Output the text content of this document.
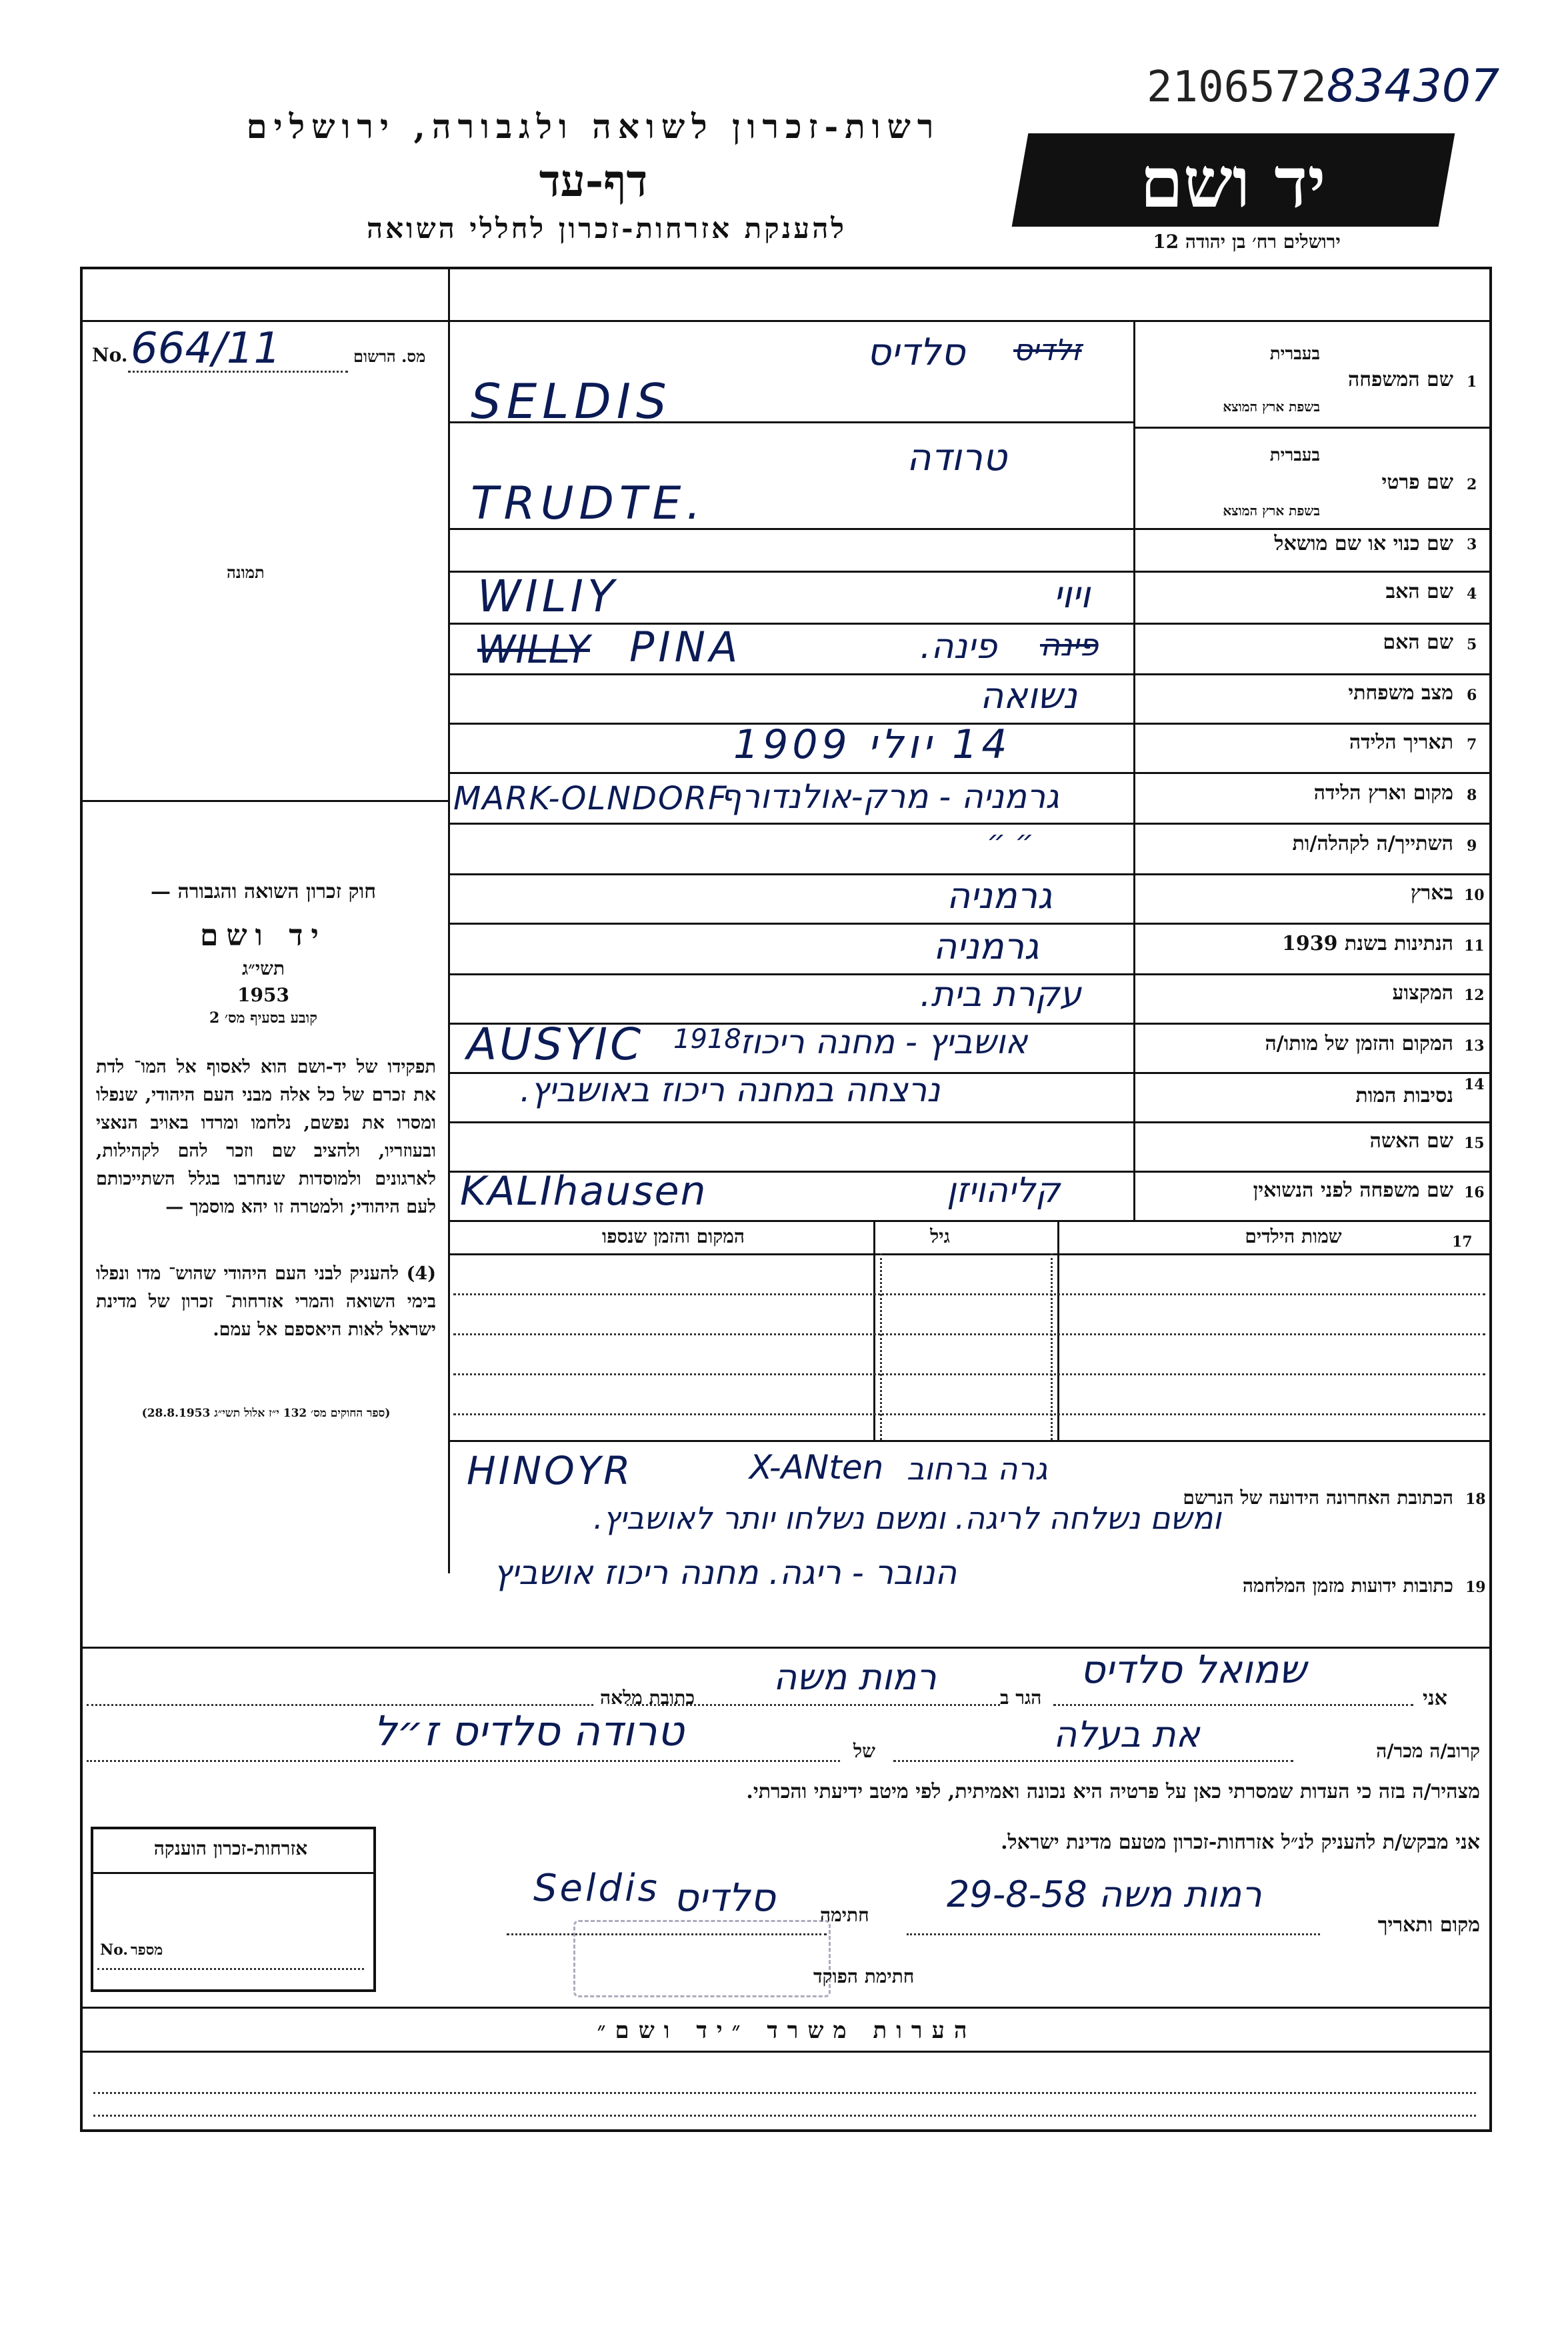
2106572834307
רשות-זכרון לשואה ולגבורה, ירושלים
דף-עד
להענקת אזרחות-זכרון לחללי השואה
יד ושם
ירושלים רח׳ בן יהודה 12
No. 664/11	מס. הרשום
תמונה
חוק זכרון השואה והגבורה —
יד ושם
תשי״ג
1953
קובע בסעיף מס׳ 2
תפקידו של יד-ושם הוא לאסוף אל המו־ לדת את זכרם של כל אלה מבני העם היהודי, שנפלו ומסרו את נפשם, נלחמו ומרדו באויב הנאצי ובעוזריו, ולהציב שם וזכר להם לקהילות, לארגונים ולמוסדות שנחרבו בגלל השתייכותם לעם היהודי; ולמטרה זו יהא מוסמך —
(4) להעניק לבני העם היהודי שהוש־ מדו ונפלו בימי השואה והמרי אזרחות־ זכרון של מדינת ישראל לאות היאספם אל עמם.
(ספר החוקים מס׳ 132 י״ז אלול תשי״ג 28.8.1953)
1
שם המשפחה
בעברית
בשפת ארץ המוצא
זלדיס
סלדיס
SELDIS
2
שם פרטי
בעברית
בשפת ארץ המוצא
טרודה
TRUDTE.
3
שם כנוי או שם מושאל
4
שם האב
WILIY	ויוי
5
שם האם
WILLY PINA	פינה. פינה
6
מצב משפחתי
נשואה
7
תאריך הלידה
14 יולי 1909
8
מקום וארץ הלידה
MARK-OLNDORF
גרמניה - מרק-אולנדורף
9
השתייך/ה לקהלה/ות
״ ״
10
בארץ
גרמניה
11
הנתינות בשנת 1939
גרמניה
12
המקצוע
עקרת בית.
13
המקום והזמן של מותו/ה
AUSYIC 1918
אושביץ - מחנה ריכוז
14
נסיבות המות
נרצחה במחנה ריכוז באושביץ.
15
שם האשה
16
שם משפחה לפני הנשואין
KALIhausen	קליהויזן
17
שמות הילדים
גיל
המקום והזמן שנספו
18
הכתובת האחרונה הידועה של הנרשם
HINOYR	גרה ברחוב
X-ANten
ומשם נשלחה לריגה. ומשם נשלחו יותר לאושביץ.
19
כתובות ידועות מזמן המלחמה
הנובר - ריגה. מחנה ריכוז אושביץ
אני
שמואל סלדיס
הגר ב
רמות משה
כתובת מלאה
קרוב/ה מכר/ה
את בעלה
של
טרודה סלדיס ז״ל
מצהיר/ה בזה כי העדות שמסרתי כאן על פרטיה היא נכונה ואמיתית, לפי מיטב ידיעתי והכרתי.
אני מבקש/ת להעניק לנ״ל אזרחות-זכרון מטעם מדינת ישראל.
מקום ותאריך
רמות משה 29-8-58
חתימה
סלדיס
Seldis
חתימת הפוקד
אזרחות-זכרון הוענקה
No. מספר
הערות משרד ״יד ושם״
